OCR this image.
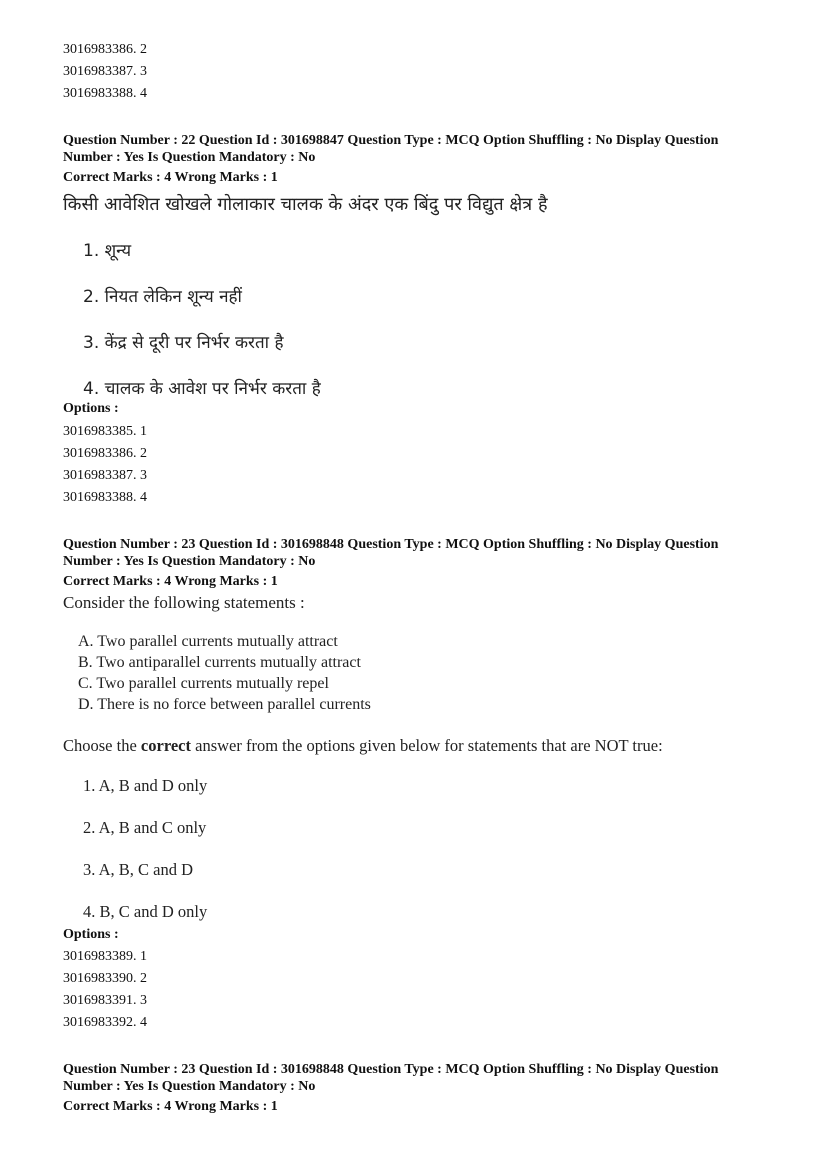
3016983386. 2
3016983387. 3
3016983388. 4
Question Number : 22 Question Id : 301698847 Question Type : MCQ Option Shuffling : No Display Question
Number : Yes Is Question Mandatory : No
Correct Marks : 4 Wrong Marks : 1
किसी आवेशित खोखले गोलाकार चालक के अंदर एक बिंदु पर विद्युत क्षेत्र है
1. शून्य
2. नियत लेकिन शून्य नहीं
3. केंद्र से दूरी पर निर्भर करता है
4. चालक के आवेश पर निर्भर करता है
Options :
3016983385. 1
3016983386. 2
3016983387. 3
3016983388. 4
Question Number : 23 Question Id : 301698848 Question Type : MCQ Option Shuffling : No Display Question
Number : Yes Is Question Mandatory : No
Correct Marks : 4 Wrong Marks : 1
Consider the following statements :
A. Two parallel currents mutually attract
B. Two antiparallel currents mutually attract
C. Two parallel currents mutually repel
D. There is no force between parallel currents
Choose the correct answer from the options given below for statements that are NOT true:
1. A, B and D only
2. A, B and C only
3. A, B, C and D
4. B, C and D only
Options :
3016983389. 1
3016983390. 2
3016983391. 3
3016983392. 4
Question Number : 23 Question Id : 301698848 Question Type : MCQ Option Shuffling : No Display Question
Number : Yes Is Question Mandatory : No
Correct Marks : 4 Wrong Marks : 1
